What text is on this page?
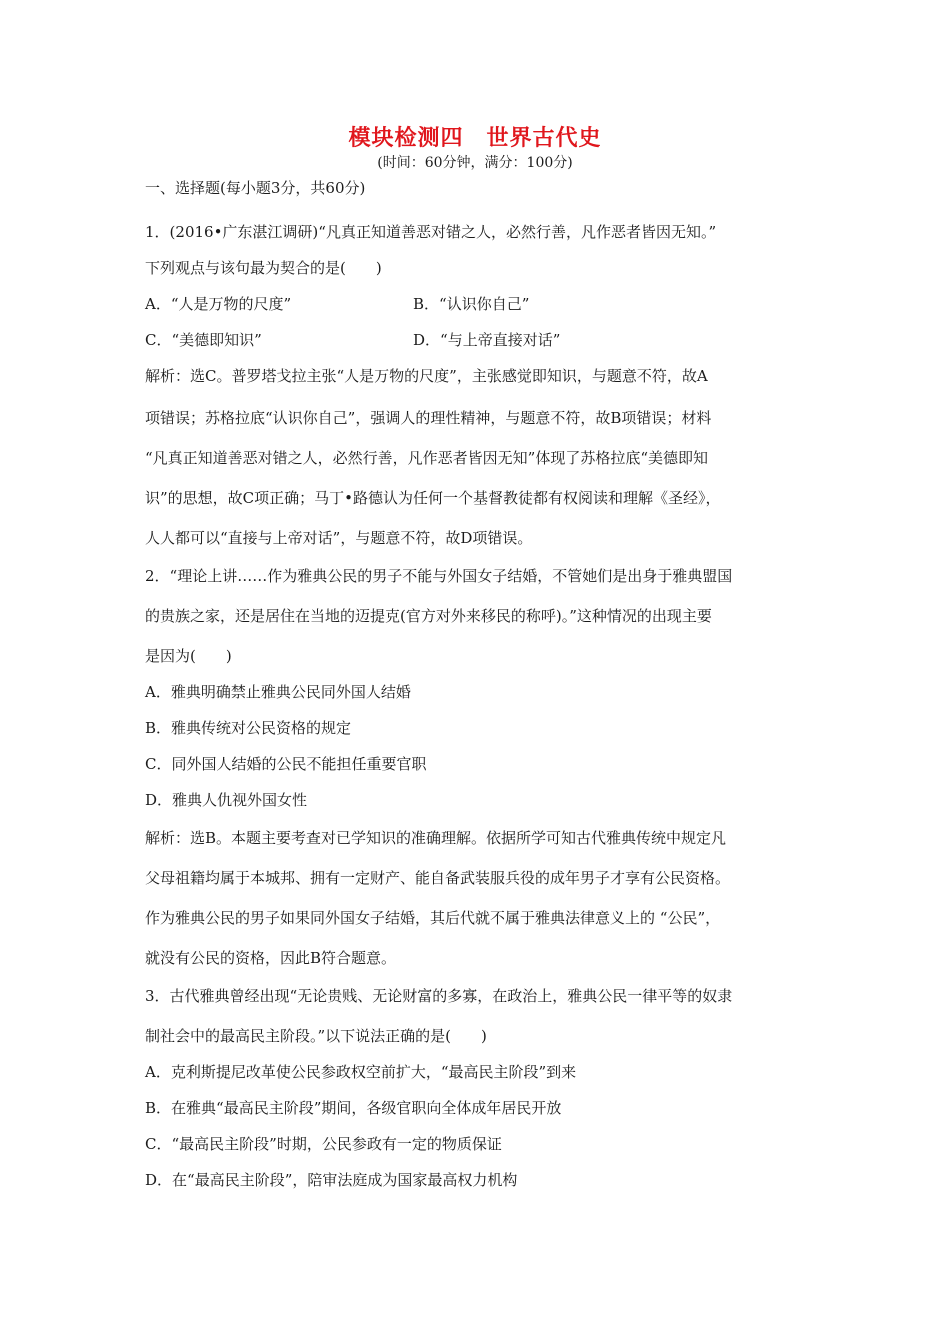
模块检测四　世界古代史
(时间：60分钟，满分：100分)
一、选择题(每小题3分，共60分)
1．(2016•广东湛江调研)“凡真正知道善恶对错之人，必然行善，凡作恶者皆因无知。”
下列观点与该句最为契合的是(　　)
A．“人是万物的尺度”	B．“认识你自己”
C．“美德即知识”	D．“与上帝直接对话”
解析：选C。普罗塔戈拉主张“人是万物的尺度”，主张感觉即知识，与题意不符，故A
项错误；苏格拉底“认识你自己”，强调人的理性精神，与题意不符，故B项错误；材料
“凡真正知道善恶对错之人，必然行善，凡作恶者皆因无知”体现了苏格拉底“美德即知
识”的思想，故C项正确；马丁•路德认为任何一个基督教徒都有权阅读和理解《圣经》，
人人都可以“直接与上帝对话”，与题意不符，故D项错误。
2．“理论上讲……作为雅典公民的男子不能与外国女子结婚，不管她们是出身于雅典盟国
的贵族之家，还是居住在当地的迈提克(官方对外来移民的称呼)。”这种情况的出现主要
是因为(　　)
A．雅典明确禁止雅典公民同外国人结婚
B．雅典传统对公民资格的规定
C．同外国人结婚的公民不能担任重要官职
D．雅典人仇视外国女性
解析：选B。本题主要考查对已学知识的准确理解。依据所学可知古代雅典传统中规定凡
父母祖籍均属于本城邦、拥有一定财产、能自备武装服兵役的成年男子才享有公民资格。
作为雅典公民的男子如果同外国女子结婚，其后代就不属于雅典法律意义上的 “公民”，
就没有公民的资格，因此B符合题意。
3．古代雅典曾经出现“无论贵贱、无论财富的多寡，在政治上，雅典公民一律平等的奴隶
制社会中的最高民主阶段。”以下说法正确的是(　　)
A．克利斯提尼改革使公民参政权空前扩大，“最高民主阶段”到来
B．在雅典“最高民主阶段”期间，各级官职向全体成年居民开放
C．“最高民主阶段”时期，公民参政有一定的物质保证
D．在“最高民主阶段”，陪审法庭成为国家最高权力机构
